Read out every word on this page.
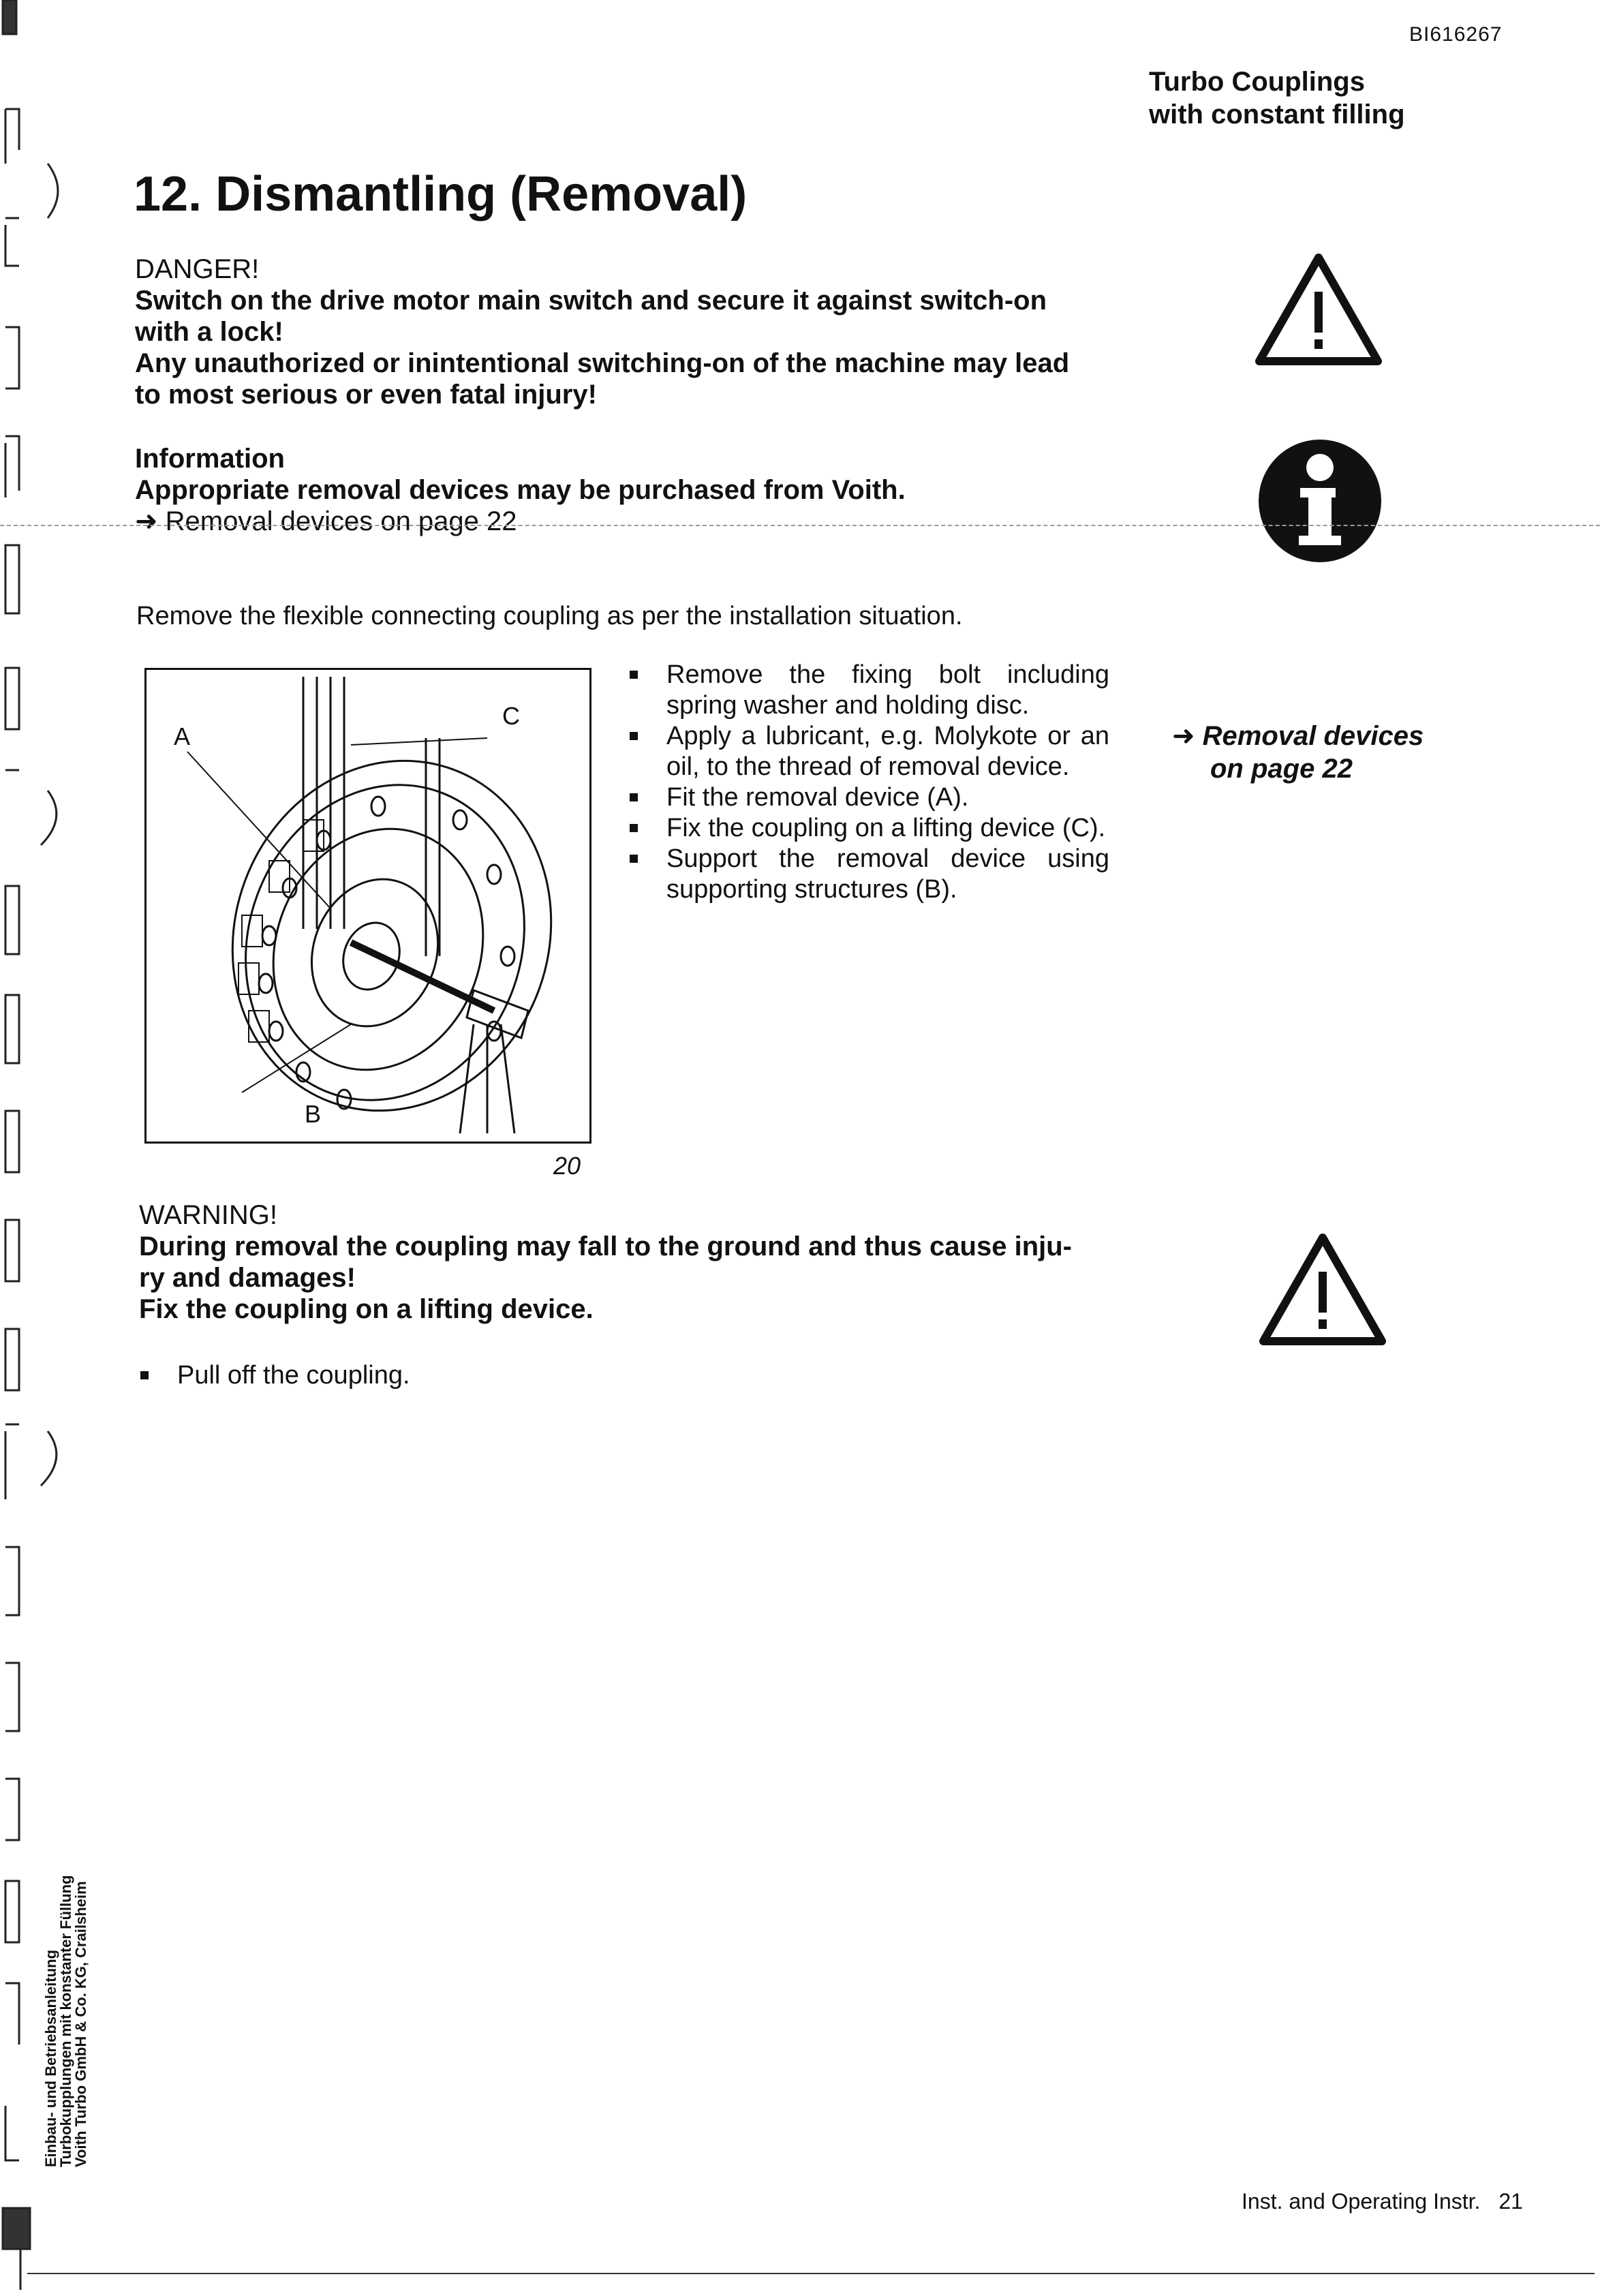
Einbau- und Betriebsanleitung
Turbokupplungen mit konstanter Füllung
Voith Turbo GmbH & Co. KG, Crailsheim
BI616267
Turbo Couplings
with constant filling
12. Dismantling (Removal)
DANGER!
Switch on the drive motor main switch and secure it against switch-on
with a lock!
Any unauthorized or inintentional switching-on of the machine may lead
to most serious or even fatal injury!
Information
Appropriate removal devices may be purchased from Voith.
➜ Removal devices on page 22
Remove the flexible connecting coupling as per the installation situation.
A
C
B
20
Remove the fixing bolt including spring washer and holding disc.
Apply a lubricant, e.g. Molykote or an oil, to the thread of removal device.
Fit the removal device (A).
Fix the coupling on a lifting device (C).
Support the removal device using supporting structures (B).
➜ Removal devices
on page 22
WARNING!
During removal the coupling may fall to the ground and thus cause inju-
ry and damages!
Fix the coupling on a lifting device.
Pull off the coupling.
Inst. and Operating Instr. 21
